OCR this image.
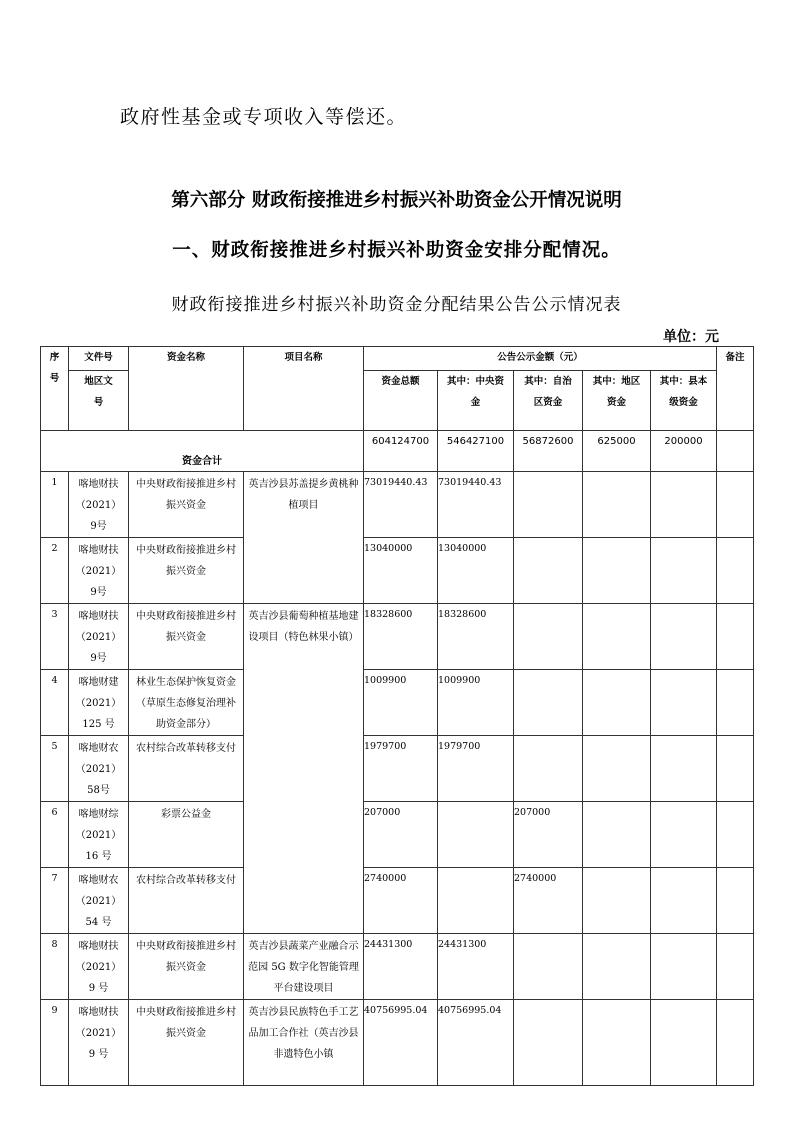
政府性基金或专项收入等偿还。
第六部分 财政衔接推进乡村振兴补助资金公开情况说明
一、财政衔接推进乡村振兴补助资金安排分配情况。
财政衔接推进乡村振兴补助资金分配结果公告公示情况表
单位：元
序号	文件号	资金名称	项目名称	公告公示金额（元）					备注
	地区文号			资金总额	其中：中央资金	其中：自治区资金	其中：地区资金	其中：县本级资金	
资金合计				604124700	546427100	56872600	625000	200000	
1	喀地财扶（2021）9号	中央财政衔接推进乡村振兴资金	英吉沙县苏盖提乡黄桃种植项目	73019440.43	73019440.43				
2	喀地财扶（2021）9号	中央财政衔接推进乡村振兴资金		13040000	13040000				
3	喀地财扶（2021）9号	中央财政衔接推进乡村振兴资金	英吉沙县葡萄种植基地建设项目（特色林果小镇）	18328600	18328600				
4	喀地财建（2021）125 号	林业生态保护恢复资金（草原生态修复治理补助资金部分）		1009900	1009900				
5	喀地财农（2021）58号	农村综合改革转移支付		1979700	1979700				
6	喀地财综（2021）16 号	彩票公益金		207000		207000			
7	喀地财农（2021）54 号	农村综合改革转移支付		2740000		2740000			
8	喀地财扶（2021）9 号	中央财政衔接推进乡村振兴资金	英吉沙县蔬菜产业融合示范园 5G 数字化智能管理平台建设项目	24431300	24431300				
9	喀地财扶（2021）9 号	中央财政衔接推进乡村振兴资金	英吉沙县民族特色手工艺品加工合作社（英吉沙县非遗特色小镇	40756995.04	40756995.04				
